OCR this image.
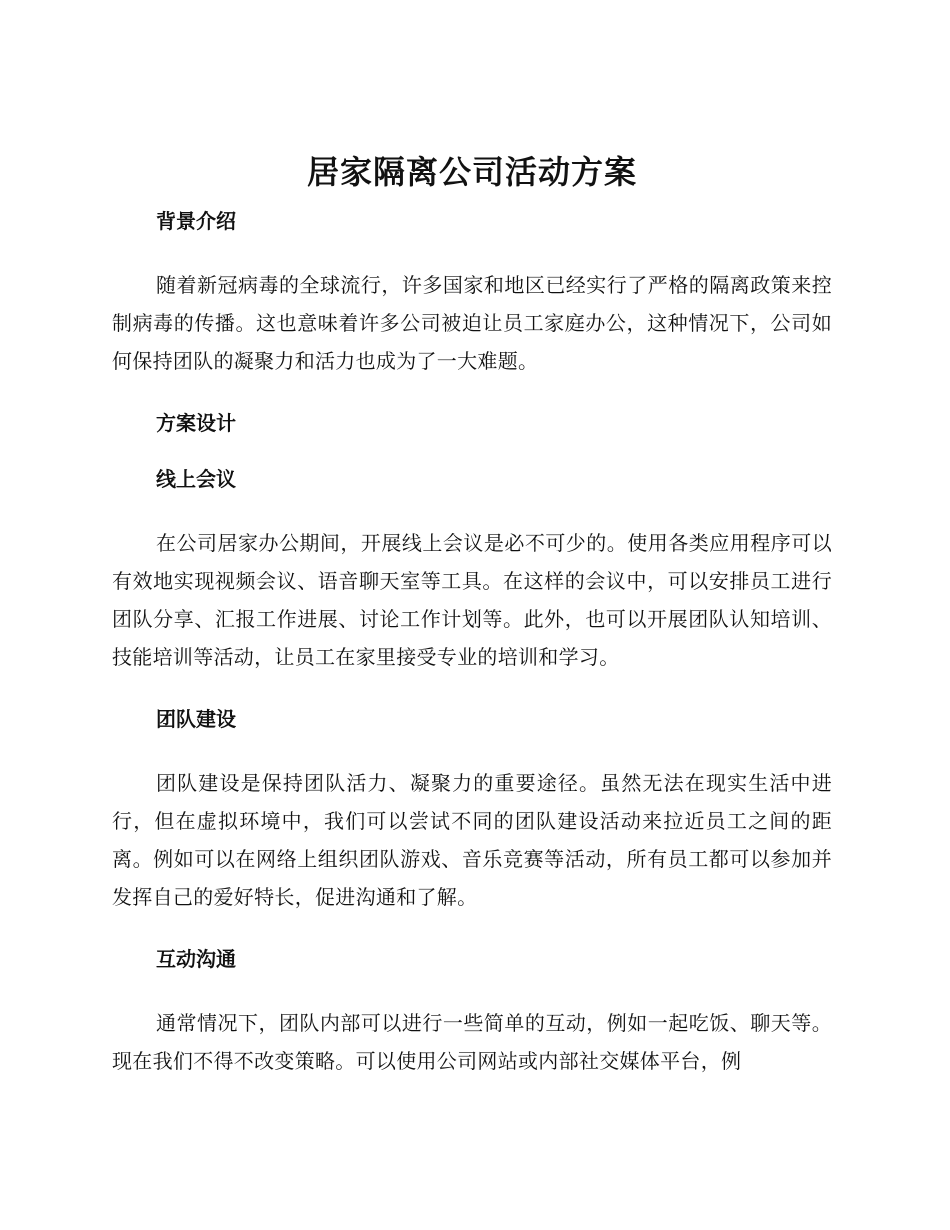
居家隔离公司活动方案
背景介绍

随着新冠病毒的全球流行，许多国家和地区已经实行了严格的隔离政策来控制病毒的传播。这也意味着许多公司被迫让员工家庭办公，这种情况下，公司如何保持团队的凝聚力和活力也成为了一大难题。

方案设计
线上会议

在公司居家办公期间，开展线上会议是必不可少的。使用各类应用程序可以有效地实现视频会议、语音聊天室等工具。在这样的会议中，可以安排员工进行团队分享、汇报工作进展、讨论工作计划等。此外，也可以开展团队认知培训、技能培训等活动，让员工在家里接受专业的培训和学习。

团队建设

团队建设是保持团队活力、凝聚力的重要途径。虽然无法在现实生活中进行，但在虚拟环境中，我们可以尝试不同的团队建设活动来拉近员工之间的距离。例如可以在网络上组织团队游戏、音乐竞赛等活动，所有员工都可以参加并发挥自己的爱好特长，促进沟通和了解。

互动沟通

通常情况下，团队内部可以进行一些简单的互动，例如一起吃饭、聊天等。现在我们不得不改变策略。可以使用公司网站或内部社交媒体平台，例
